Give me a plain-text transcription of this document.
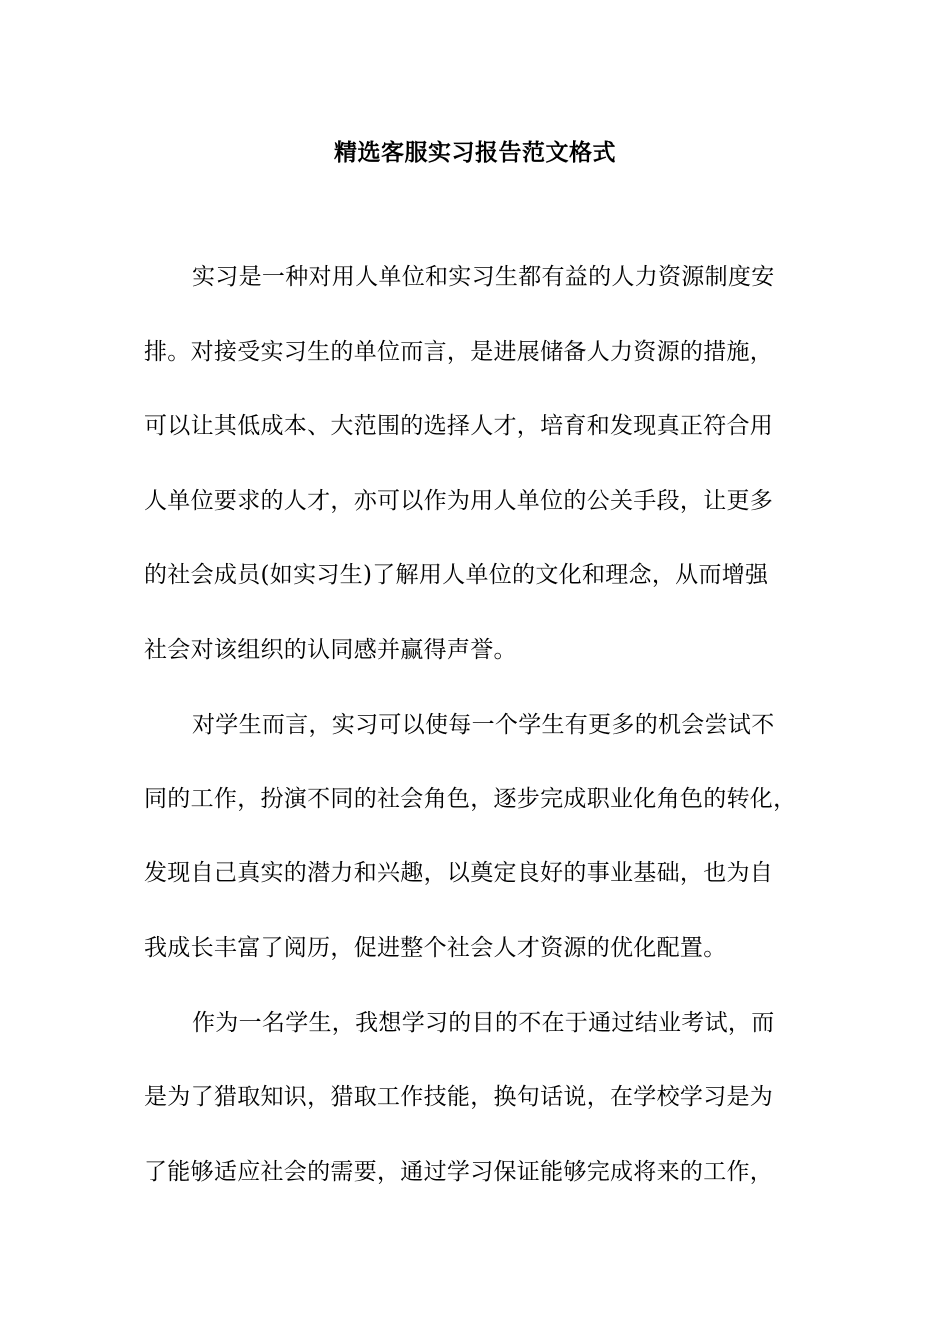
精选客服实习报告范文格式
实习是一种对用人单位和实习生都有益的人力资源制度安
排。对接受实习生的单位而言，是进展储备人力资源的措施，
可以让其低成本、大范围的选择人才，培育和发现真正符合用
人单位要求的人才，亦可以作为用人单位的公关手段，让更多
的社会成员(如实习生)了解用人单位的文化和理念，从而增强
社会对该组织的认同感并赢得声誉。
对学生而言，实习可以使每一个学生有更多的机会尝试不
同的工作，扮演不同的社会角色，逐步完成职业化角色的转化，
发现自己真实的潜力和兴趣，以奠定良好的事业基础，也为自
我成长丰富了阅历，促进整个社会人才资源的优化配置。
作为一名学生，我想学习的目的不在于通过结业考试，而
是为了猎取知识，猎取工作技能，换句话说，在学校学习是为
了能够适应社会的需要，通过学习保证能够完成将来的工作，
